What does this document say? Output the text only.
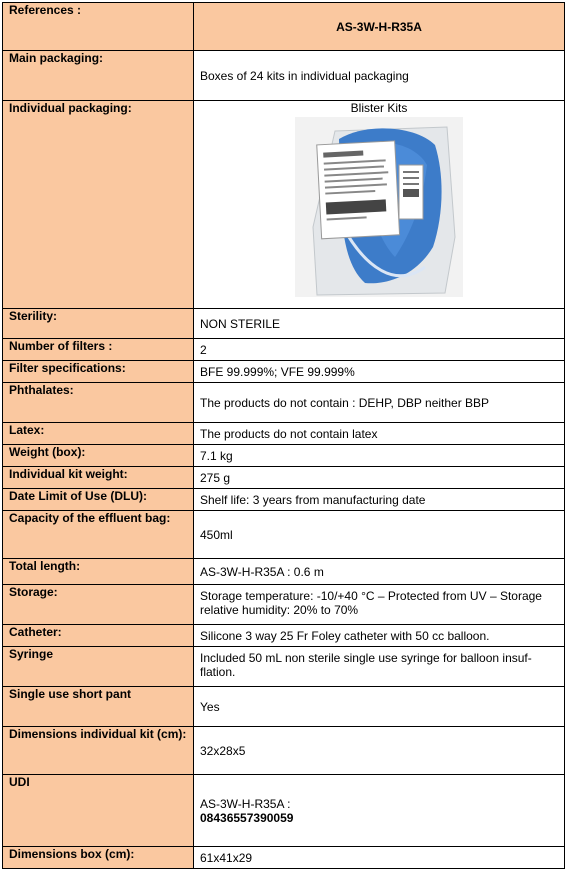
References :	AS-3W-H-R35A
Main packaging:	Boxes of 24 kits in individual packaging
Individual packaging:	Blister Kits

Sterility:	NON STERILE
Number of filters :	2
Filter specifications:	BFE 99.999%; VFE 99.999%
Phthalates:	The products do not contain : DEHP, DBP neither BBP
Latex:	The products do not contain latex
Weight (box):	7.1 kg
Individual kit weight:	275 g
Date Limit of Use (DLU):	Shelf life: 3 years from manufacturing date
Capacity of the effluent bag:	450ml
Total length:	AS-3W-H-R35A : 0.6 m
Storage:	Storage temperature: -10/+40 °C – Protected from UV – Storage relative humidity: 20% to 70%
Catheter:	Silicone 3 way 25 Fr Foley catheter with 50 cc balloon.
Syringe	Included 50 mL non sterile single use syringe for balloon insuf-flation.
Single use short pant	Yes
Dimensions individual kit (cm):	32x28x5
UDI	AS-3W-H-R35A :
08436557390059

Dimensions box (cm):	61x41x29
